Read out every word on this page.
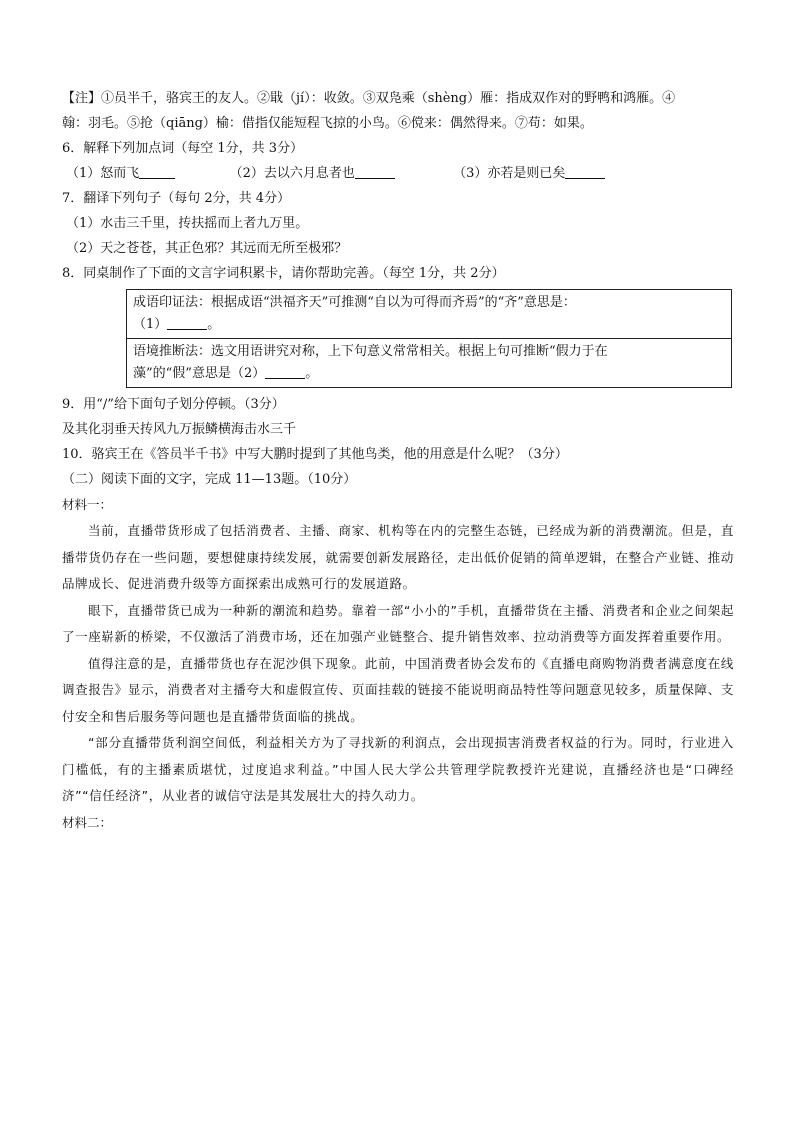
【注】①员半千，骆宾王的友人。②戢（jí）：收敛。③双凫乘（shèng）雁：指成双作对的野鸭和鸿雁。④
翰：羽毛。⑤抢（qiāng）榆：借指仅能短程飞掠的小鸟。⑥傥来：偶然得来。⑦苟：如果。
6．解释下列加点词（每空 1分，共 3分）
（1）怒而飞	（2）去以六月息者也	（3）亦若是则已矣
7．翻译下列句子（每句 2分，共 4分）
（1）水击三千里，抟扶摇而上者九万里。
（2）天之苍苍，其正色邪？其远而无所至极邪？
8．同桌制作了下面的文言字词积累卡，请你帮助完善。（每空 1分，共 2分）
成语印证法：根据成语“洪福齐天”可推测“自以为可得而齐焉”的“齐”意思是：
（1）	。

语境推断法：选文用语讲究对称，上下句意义常常相关。根据上句可推断“假力于在
藻”的“假”意思是（2）	。
9．用“/”给下面句子划分停顿。（3分）
及其化羽垂天抟风九万振鳞横海击水三千
10．骆宾王在《答员半千书》中写大鹏时提到了其他鸟类，他的用意是什么呢？（3分）
（二）阅读下面的文字，完成 11—13题。（10分）
材料一：

当前，直播带货形成了包括消费者、主播、商家、机构等在内的完整生态链，已经成为新的消费潮流。但是，直播带货仍存在一些问题，要想健康持续发展，就需要创新发展路径，走出低价促销的简单逻辑，在整合产业链、推动品牌成长、促进消费升级等方面探索出成熟可行的发展道路。

眼下，直播带货已成为一种新的潮流和趋势。靠着一部“小小的”手机，直播带货在主播、消费者和企业之间架起了一座崭新的桥梁，不仅激活了消费市场，还在加强产业链整合、提升销售效率、拉动消费等方面发挥着重要作用。

值得注意的是，直播带货也存在泥沙俱下现象。此前，中国消费者协会发布的《直播电商购物消费者满意度在线调查报告》显示，消费者对主播夸大和虚假宣传、页面挂载的链接不能说明商品特性等问题意见较多，质量保障、支付安全和售后服务等问题也是直播带货面临的挑战。

“部分直播带货利润空间低，利益相关方为了寻找新的利润点，会出现损害消费者权益的行为。同时，行业进入门槛低，有的主播素质堪忧，过度追求利益。”中国人民大学公共管理学院教授许光建说，直播经济也是“口碑经济”“信任经济”，从业者的诚信守法是其发展壮大的持久动力。

材料二：
